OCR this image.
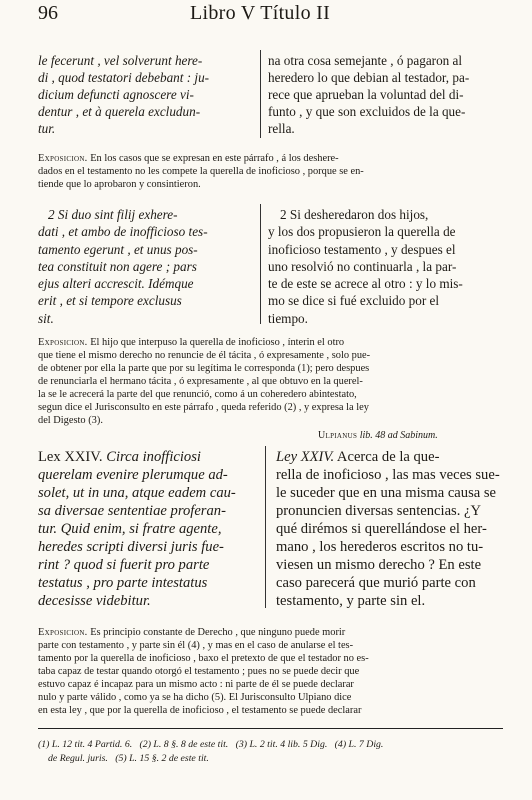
96	Libro V Título II
le fecerunt , vel solverunt here-
di , quod testatori debebant : ju-
dicium defuncti agnoscere vi-
dentur , et à querela excludun-
tur.
na otra cosa semejante , ó pagaron al
heredero lo que debian al testador, pa-
rece que aprueban la voluntad del di-
funto , y que son excluidos de la que-
rella.
Exposicion. En los casos que se expresan en este párrafo , á los deshere-
dados en el testamento no les compete la querella de inoficioso , porque se en-
tiende que lo aprobaron y consintieron.
2 Si duo sint filij exhere-
dati , et ambo de inofficioso tes-
tamento egerunt , et unus pos-
tea constituit non agere ; pars
ejus alteri accrescit. Idémque
erit , et si tempore exclusus
sit.
2 Si desheredaron dos hijos,
y los dos propusieron la querella de
inoficioso testamento , y despues el
uno resolvió no continuarla , la par-
te de este se acrece al otro : y lo mis-
mo se dice si fué excluido por el
tiempo.
Exposicion. El hijo que interpuso la querella de inoficioso , ínterin el otro
que tiene el mismo derecho no renuncie de él tácita , ó expresamente , solo pue-
de obtener por ella la parte que por su legítima le corresponda (1); pero despues
de renunciarla el hermano tácita , ó expresamente , al que obtuvo en la querel-
la se le acrecerá la parte del que renunció, como á un coheredero abintestato,
segun dice el Jurisconsulto en este párrafo , queda referido (2) , y expresa la ley
del Digesto (3).
Ulpianus lib. 48 ad Sabinum.
Lex XXIV. Circa inofficiosi
querelam evenire plerumque ad-
solet, ut in una, atque eadem cau-
sa diversae sententiae proferan-
tur. Quid enim, si fratre agente,
heredes scripti diversi juris fue-
rint ? quod si fuerit pro parte
testatus , pro parte intestatus
decesisse videbitur.
Ley XXIV. Acerca de la que-
rella de inoficioso , las mas veces sue-
le suceder que en una misma causa se
pronuncien diversas sentencias. ¿Y
qué dirémos si querellándose el her-
mano , los herederos escritos no tu-
viesen un mismo derecho ? En este
caso parecerá que murió parte con
testamento, y parte sin el.
Exposicion. Es principio constante de Derecho , que ninguno puede morir
parte con testamento , y parte sin él (4) , y mas en el caso de anularse el tes-
tamento por la querella de inoficioso , baxo el pretexto de que el testador no es-
taba capaz de testar quando otorgó el testamento ; pues no se puede decir que
estuvo capaz é incapaz para un mismo acto : ni parte de él se puede declarar
nulo y parte válido , como ya se ha dicho (5). El Jurisconsulto Ulpiano dice
en esta ley , que por la querella de inoficioso , el testamento se puede declarar
(1) L. 12 tit. 4 Partid. 6. (2) L. 8 §. 8 de este tit. (3) L. 2 tit. 4 lib. 5 Dig. (4) L. 7 Dig.
de Regul. juris. (5) L. 15 §. 2 de este tit.
